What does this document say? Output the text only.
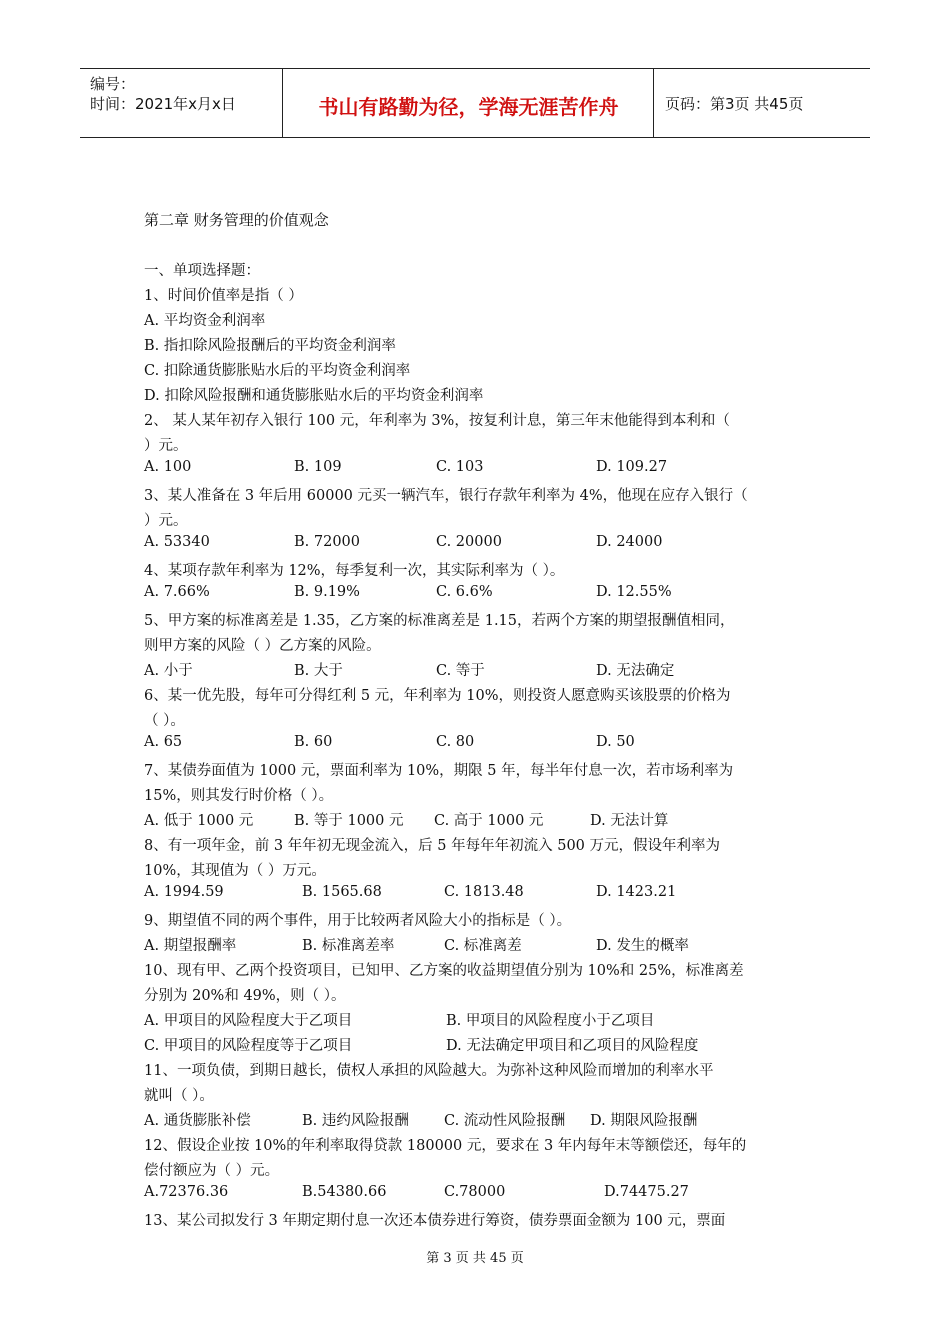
编号：
时间：2021年x月x日	书山有路勤为径，学海无涯苦作舟	页码：第3页 共45页
第二章 财务管理的价值观念
一、单项选择题：
1、时间价值率是指（ ）
A. 平均资金利润率
B. 指扣除风险报酬后的平均资金利润率
C. 扣除通货膨胀贴水后的平均资金利润率
D. 扣除风险报酬和通货膨胀贴水后的平均资金利润率
2、 某人某年初存入银行 100 元，年利率为 3%，按复利计息，第三年末他能得到本利和（
）元。
A. 100	B. 109	C. 103	D. 109.27
3、某人准备在 3 年后用 60000 元买一辆汽车，银行存款年利率为 4%，他现在应存入银行（
）元。
A. 53340	B. 72000	C. 20000	D. 24000
4、某项存款年利率为 12%，每季复利一次，其实际利率为（ ）。
A. 7.66%	B. 9.19%	C. 6.6%	D. 12.55%
5、甲方案的标准离差是 1.35，乙方案的标准离差是 1.15，若两个方案的期望报酬值相同，
则甲方案的风险（ ）乙方案的风险。
A. 小于	B. 大于	C. 等于	D. 无法确定
6、某一优先股，每年可分得红利 5 元，年利率为 10%，则投资人愿意购买该股票的价格为
（ ）。
A. 65	B. 60	C. 80	D. 50
7、某债券面值为 1000 元，票面利率为 10%，期限 5 年，每半年付息一次，若市场利率为
15%，则其发行时价格（ ）。
A. 低于 1000 元	B. 等于 1000 元 C. 高于 1000 元	D. 无法计算
8、有一项年金，前 3 年年初无现金流入，后 5 年每年年初流入 500 万元，假设年利率为
10%，其现值为（ ）万元。
A. 1994.59	B. 1565.68	C. 1813.48	D. 1423.21
9、期望值不同的两个事件，用于比较两者风险大小的指标是（ ）。
A. 期望报酬率	B. 标准离差率	C. 标准离差	D. 发生的概率
10、现有甲、乙两个投资项目，已知甲、乙方案的收益期望值分别为 10%和 25%，标准离差
分别为 20%和 49%，则（ ）。
A. 甲项目的风险程度大于乙项目	B. 甲项目的风险程度小于乙项目
C. 甲项目的风险程度等于乙项目	D. 无法确定甲项目和乙项目的风险程度
11、一项负债，到期日越长，债权人承担的风险越大。为弥补这种风险而增加的利率水平
就叫（ ）。
A. 通货膨胀补偿	B. 违约风险报酬 C. 流动性风险报酬 D. 期限风险报酬
12、假设企业按 10%的年利率取得贷款 180000 元，要求在 3 年内每年末等额偿还，每年的
偿付额应为（ ）元。
A.72376.36	B.54380.66	C.78000	D.74475.27
13、某公司拟发行 3 年期定期付息一次还本债券进行筹资，债券票面金额为 100 元，票面
第 3 页 共 45 页
